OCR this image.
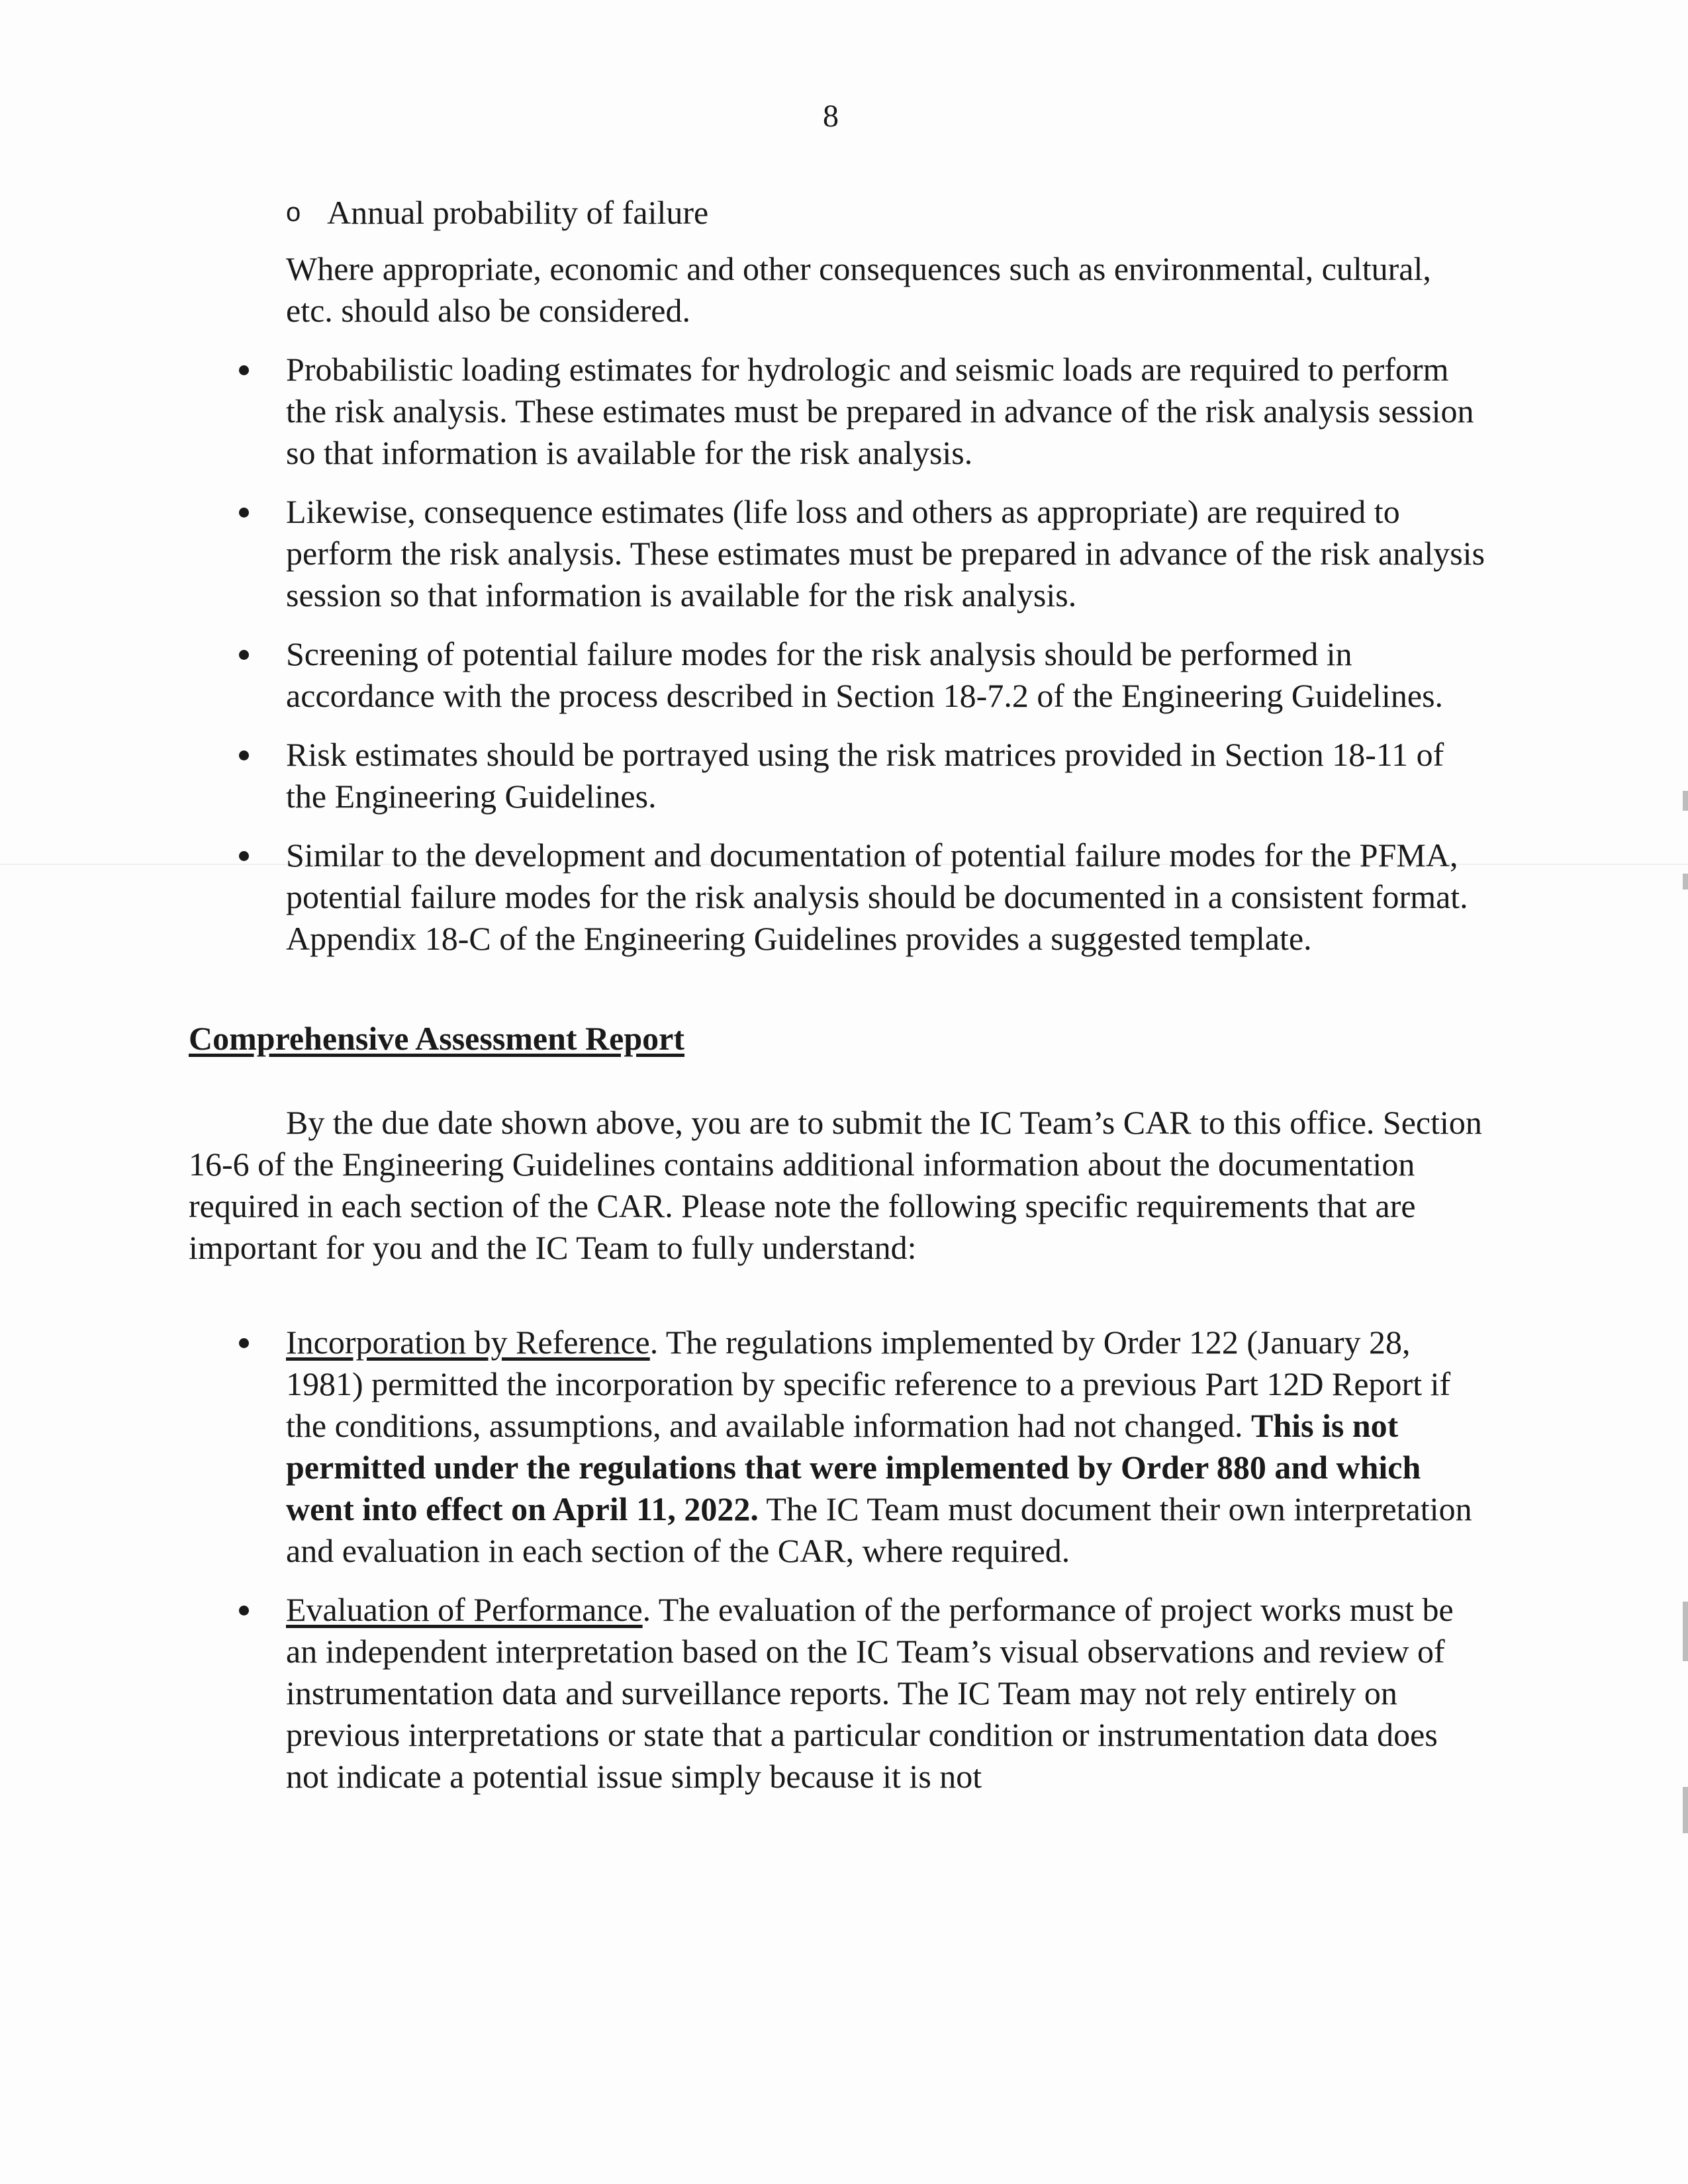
8
o Annual probability of failure

Where appropriate, economic and other consequences such as environmental, cultural, etc. should also be considered.

Probabilistic loading estimates for hydrologic and seismic loads are required to perform the risk analysis. These estimates must be prepared in advance of the risk analysis session so that information is available for the risk analysis.
Likewise, consequence estimates (life loss and others as appropriate) are required to perform the risk analysis. These estimates must be prepared in advance of the risk analysis session so that information is available for the risk analysis.
Screening of potential failure modes for the risk analysis should be performed in accordance with the process described in Section 18-7.2 of the Engineering Guidelines.
Risk estimates should be portrayed using the risk matrices provided in Section 18-11 of the Engineering Guidelines.
Similar to the development and documentation of potential failure modes for the PFMA, potential failure modes for the risk analysis should be documented in a consistent format. Appendix 18-C of the Engineering Guidelines provides a suggested template.
Comprehensive Assessment Report

By the due date shown above, you are to submit the IC Team’s CAR to this office. Section 16-6 of the Engineering Guidelines contains additional information about the documentation required in each section of the CAR. Please note the following specific requirements that are important for you and the IC Team to fully understand:

Incorporation by Reference. The regulations implemented by Order 122 (January 28, 1981) permitted the incorporation by specific reference to a previous Part 12D Report if the conditions, assumptions, and available information had not changed. This is not permitted under the regulations that were implemented by Order 880 and which went into effect on April 11, 2022. The IC Team must document their own interpretation and evaluation in each section of the CAR, where required.
Evaluation of Performance. The evaluation of the performance of project works must be an independent interpretation based on the IC Team’s visual observations and review of instrumentation data and surveillance reports. The IC Team may not rely entirely on previous interpretations or state that a particular condition or instrumentation data does not indicate a potential issue simply because it is not
